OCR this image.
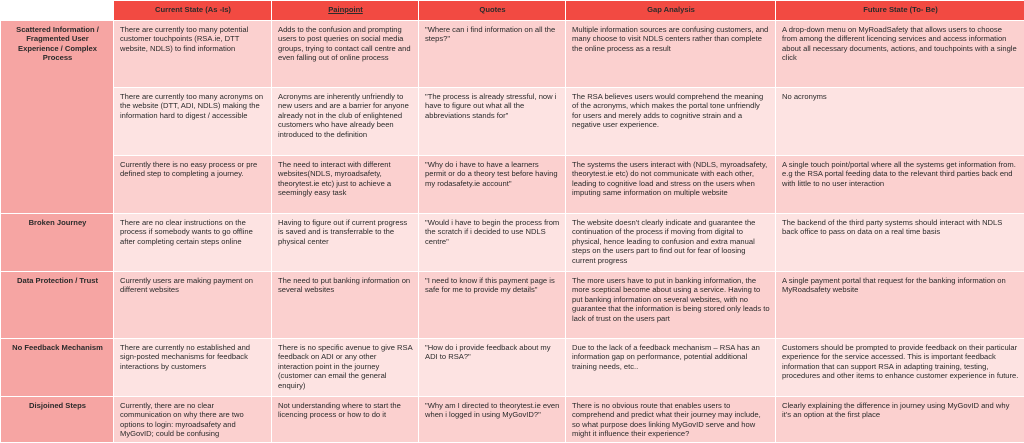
	Current State (As -Is)	Painpoint	Quotes	Gap Analysis	Future State (To- Be)
Scattered Information / Fragmented User Experience / Complex Process	There are currently too many potential customer touchpoints (RSA.ie, DTT website, NDLS) to find information	Adds to the confusion and prompting users to post queries on social media groups, trying to contact call centre and even falling out of online process	"Where can i find information on all the steps?"	Multiple information sources are confusing customers, and many choose to visit NDLS centers rather than complete the online process as a result	A drop-down menu on MyRoadSafety that allows users to choose from among the different licencing services and access information about all necessary documents, actions, and touchpoints with a single click
	There are currently too many acronyms on the website (DTT, ADI, NDLS) making the information hard to digest / accessible	Acronyms are inherently unfriendly to new users and are a barrier for anyone already not in the club of enlightened customers who have already been introduced to the definition	"The process is already stressful, now i have to figure out what all the abbreviations stands for"	The RSA believes users would comprehend the meaning of the acronyms, which makes the portal tone unfriendly for users and merely adds to cognitive strain and a negative user experience.	No acronyms
	Currently there is no easy process or pre defined step to completing a journey.	The need to interact with different websites(NDLS, myroadsafety, theorytest.ie etc) just to achieve a seemingly easy task	"Why do i have to have a learners permit or do a theory test before having my rodasafety.ie account"	The systems the users interact with (NDLS, myroadsafety, theorytest.ie etc) do not communicate with each other, leading to cognitive load and stress on the users when imputing same information on multiple website	A single touch point/portal where all the systems get information from. e.g the RSA portal feeding data to the relevant third parties back end with little to no user interaction
Broken Journey	There are no clear instructions on the process if somebody wants to go offline after completing certain steps online	Having to figure out if current progress is saved and is transferrable to the physical center	"Would i have to begin the process from the scratch if i decided to use NDLS centre"	The website doesn't clearly indicate and guarantee the continuation of the process if moving from digital to physical, hence leading to confusion and extra manual steps on the users part to find out for fear of loosing current progress	The backend of the third party systems should interact with NDLS back office to pass on data on a real time basis
Data Protection / Trust	Currently users are making payment on different websites	The need to put banking information on several websites	"I need to know if this payment page is safe for me to provide my details"	The more users have to put in banking information, the more sceptical become about using a service. Having to put banking information on several websites, with no guarantee that the information is being stored only leads to lack of trust on the users part	A single payment portal that request for the banking information on MyRoadsafety website
No Feedback Mechanism	There are currently no established and sign-posted mechanisms for feedback interactions by customers	There is no specific avenue to give RSA feedback on ADI or any other interaction point in the journey (customer can email the general enquiry)	"How do i provide feedback about my ADI to RSA?"	Due to the lack of a feedback mechanism – RSA has an information gap on performance, potential additional training needs, etc..	Customers should be prompted to provide feedback on their particular experience for the service accessed. This is important feedback information that can support RSA in adapting training, testing, procedures and other items to enhance customer experience in future.
Disjoined Steps	Currently, there are no clear communication on why there are two options to login: myroadsafety and MyGovID; could be confusing	Not understanding where to start the licencing process or how to do it	"Why am I directed to theorytest.ie even when i logged in using MyGovID?"	There is no obvious route that enables users to comprehend and predict what their journey may include, so what purpose does linking MyGovID serve and how might it influence their experience?	Clearly explaining the difference in journey using MyGovID and why it's an option at the first place
